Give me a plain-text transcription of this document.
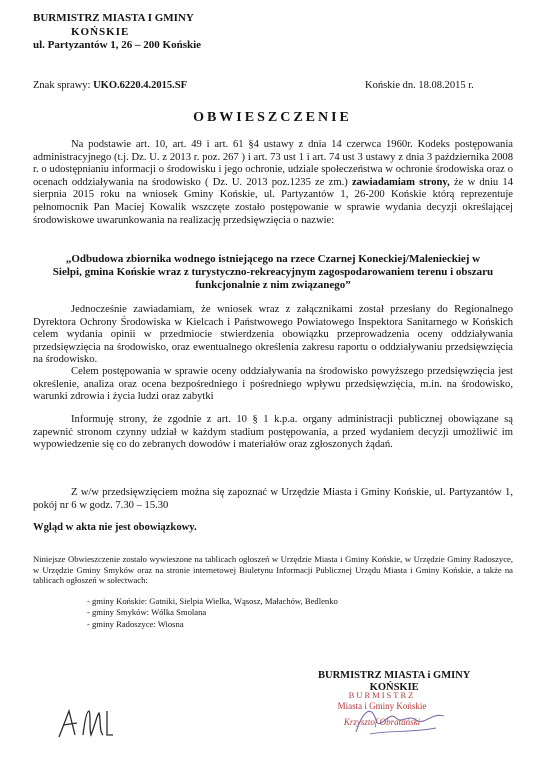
BURMISTRZ MIASTA I GMINY
KOŃSKIE
ul. Partyzantów 1, 26 – 200 Końskie
Znak sprawy: UKO.6220.4.2015.SF	Końskie dn. 18.08.2015 r.
OBWIESZCZENIE
Na podstawie art. 10, art. 49 i art. 61 §4 ustawy z dnia 14 czerwca 1960r. Kodeks postępowania administracyjnego (t.j. Dz. U. z 2013 r. poz. 267 ) i art. 73 ust 1 i art. 74 ust 3 ustawy z dnia 3 października 2008 r. o udostępnianiu informacji o środowisku i jego ochronie, udziale społeczeństwa w ochronie środowiska oraz o ocenach oddziaływania na środowisko ( Dz. U. 2013 poz.1235 ze zm.) zawiadamiam strony, że w dniu 14 sierpnia 2015 roku na wniosek Gminy Końskie, ul. Partyzantów 1, 26-200 Końskie którą reprezentuje pełnomocnik Pan Maciej Kowalik wszczęte zostało postępowanie w sprawie wydania decyzji określającej środowiskowe uwarunkowania na realizację przedsięwzięcia o nazwie:
„Odbudowa zbiornika wodnego istniejącego na rzece Czarnej Koneckiej/Malenieckiej w Sielpi, gmina Końskie wraz z turystyczno-rekreacyjnym zagospodarowaniem terenu i obszaru funkcjonalnie z nim związanego”
Jednocześnie zawiadamiam, że wniosek wraz z załącznikami został przesłany do Regionalnego Dyrektora Ochrony Środowiska w Kielcach i Państwowego Powiatowego Inspektora Sanitarnego w Końskich celem wydania opinii w przedmiocie stwierdzenia obowiązku przeprowadzenia oceny oddziaływania przedsięwzięcia na środowisko, oraz ewentualnego określenia zakresu raportu o oddziaływaniu przedsięwzięcia na środowisko.
Celem postępowania w sprawie oceny oddziaływania na środowisko powyższego przedsięwzięcia jest określenie, analiza oraz ocena bezpośredniego i pośredniego wpływu przedsięwzięcia, m.in. na środowisko, warunki zdrowia i życia ludzi oraz zabytki
Informuję strony, że zgodnie z art. 10 § 1 k.p.a. organy administracji publicznej obowiązane są zapewnić stronom czynny udział w każdym stadium postępowania, a przed wydaniem decyzji umożliwić im wypowiedzenie się co do zebranych dowodów i materiałów oraz zgłoszonych żądań.
Z w/w przedsięwzięciem można się zapoznać w Urzędzie Miasta i Gminy Końskie, ul. Partyzantów 1, pokój nr 6 w godz. 7.30 – 15.30
Wgląd w akta nie jest obowiązkowy.
Niniejsze Obwieszczenie zostało wywieszone na tablicach ogłoszeń w Urzędzie Miasta i Gminy Końskie, w Urzędzie Gminy Radoszyce, w Urzędzie Gminy Smyków oraz na stronie internetowej Biuletynu Informacji Publicznej Urzędu Miasta i Gminy Końskie, a także na tablicach ogłoszeń w sołectwach:
- gminy Końskie: Gatniki, Sielpia Wielka, Wąsosz, Małachów, Bedlenko
- gminy Smyków: Wólka Smolana
- gminy Radoszyce: Wiosna
BURMISTRZ MIASTA i GMINY
KOŃSKIE
BURMISTRZ
Miasta i Gminy Końskie
Krzysztof Obratański
